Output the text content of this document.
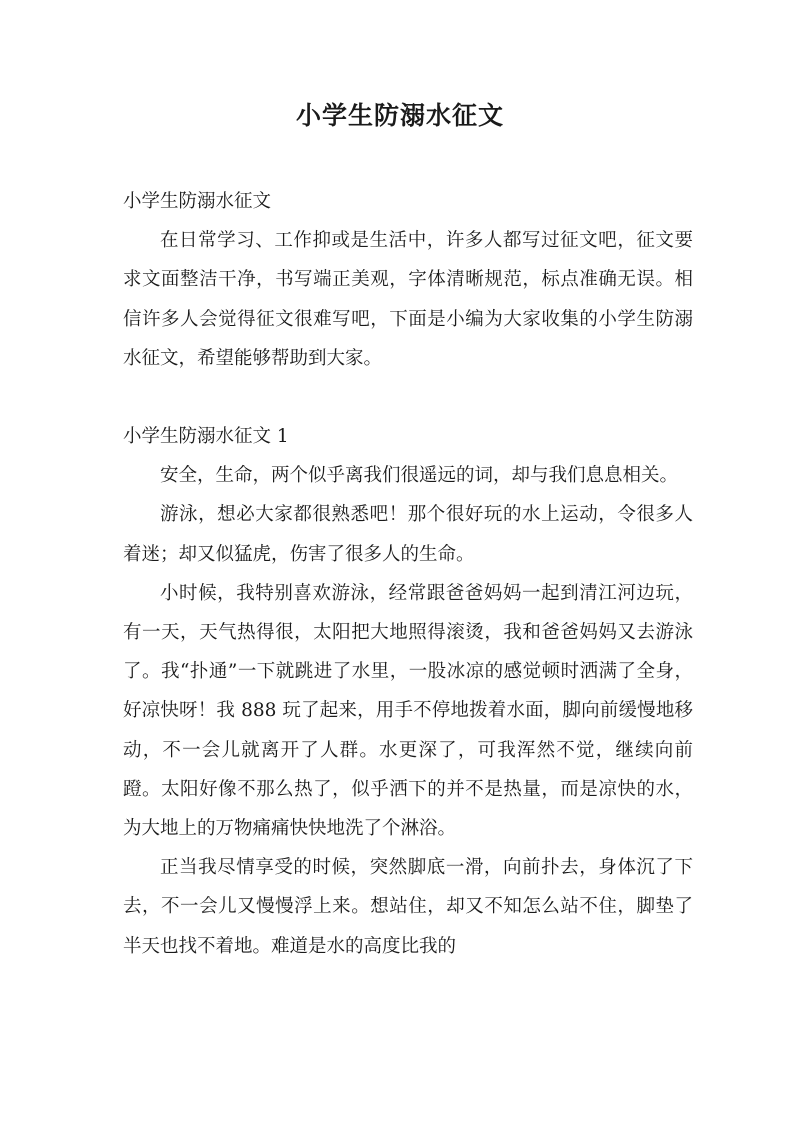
小学生防溺水征文

小学生防溺水征文

在日常学习、工作抑或是生活中，许多人都写过征文吧，征文要求文面整洁干净，书写端正美观，字体清晰规范，标点准确无误。相信许多人会觉得征文很难写吧，下面是小编为大家收集的小学生防溺水征文，希望能够帮助到大家。

小学生防溺水征文 1

安全，生命，两个似乎离我们很遥远的词，却与我们息息相关。

游泳，想必大家都很熟悉吧！那个很好玩的水上运动，令很多人着迷；却又似猛虎，伤害了很多人的生命。

小时候，我特别喜欢游泳，经常跟爸爸妈妈一起到清江河边玩，有一天，天气热得很，太阳把大地照得滚烫，我和爸爸妈妈又去游泳了。我“扑通”一下就跳进了水里，一股冰凉的感觉顿时洒满了全身，好凉快呀！我 888 玩了起来，用手不停地拨着水面，脚向前缓慢地移动，不一会儿就离开了人群。水更深了，可我浑然不觉，继续向前蹬。太阳好像不那么热了，似乎洒下的并不是热量，而是凉快的水，为大地上的万物痛痛快快地洗了个淋浴。

正当我尽情享受的时候，突然脚底一滑，向前扑去，身体沉了下去，不一会儿又慢慢浮上来。想站住，却又不知怎么站不住，脚垫了半天也找不着地。难道是水的高度比我的
